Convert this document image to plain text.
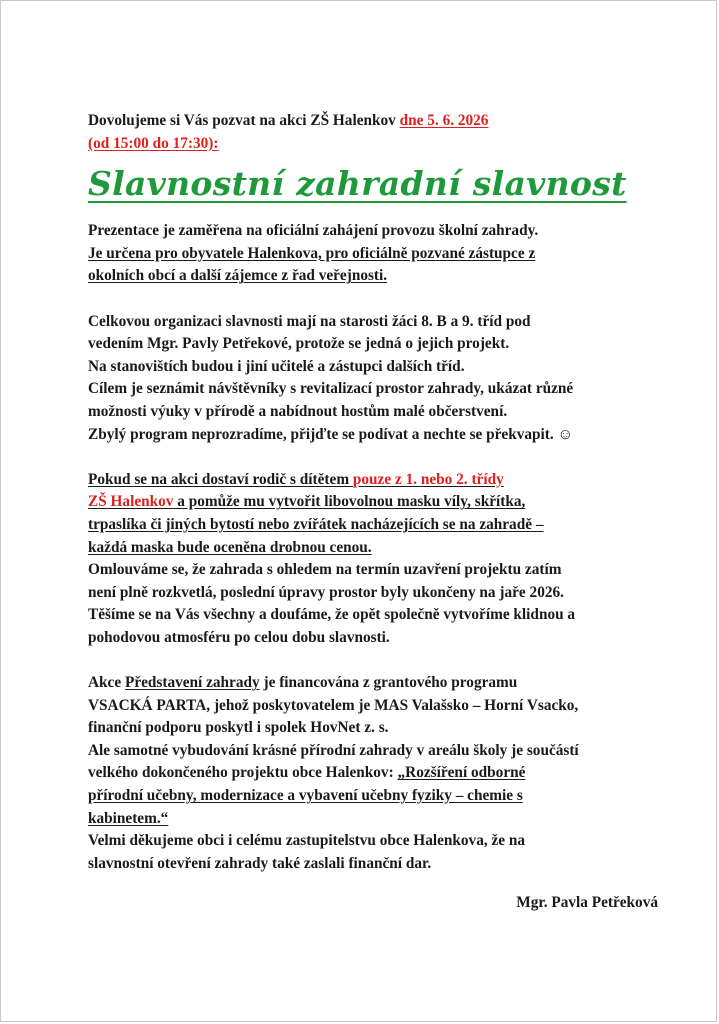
Dovolujeme si Vás pozvat na akci ZŠ Halenkov dne 5. 6. 2026
(od 15:00 do 17:30):
Slavnostní zahradní slavnost
Prezentace je zaměřena na oficiální zahájení provozu školní zahrady.
Je určena pro obyvatele Halenkova, pro oficiálně pozvané zástupce z
okolních obcí a další zájemce z řad veřejnosti.
Celkovou organizaci slavnosti mají na starosti žáci 8. B a 9. tříd pod
vedením Mgr. Pavly Petřekové, protože se jedná o jejich projekt.
Na stanovištích budou i jiní učitelé a zástupci dalších tříd.
Cílem je seznámit návštěvníky s revitalizací prostor zahrady, ukázat různé
možnosti výuky v přírodě a nabídnout hostům malé občerstvení.
Zbylý program neprozradíme, přijďte se podívat a nechte se překvapit. ☺
Pokud se na akci dostaví rodič s dítětem pouze z 1. nebo 2. třídy
ZŠ Halenkov a pomůže mu vytvořit libovolnou masku víly, skřítka,
trpaslíka či jiných bytostí nebo zvířátek nacházejících se na zahradě –
každá maska bude oceněna drobnou cenou.
Omlouváme se, že zahrada s ohledem na termín uzavření projektu zatím
není plně rozkvetlá, poslední úpravy prostor byly ukončeny na jaře 2026.
Těšíme se na Vás všechny a doufáme, že opět společně vytvoříme klidnou a
pohodovou atmosféru po celou dobu slavnosti.
Akce Představení zahrady je financována z grantového programu
VSACKÁ PARTA, jehož poskytovatelem je MAS Valašsko – Horní Vsacko,
finanční podporu poskytl i spolek HovNet z. s.
Ale samotné vybudování krásné přírodní zahrady v areálu školy je součástí
velkého dokončeného projektu obce Halenkov: „Rozšíření odborné
přírodní učebny, modernizace a vybavení učebny fyziky – chemie s
kabinetem.“
Velmi děkujeme obci i celému zastupitelstvu obce Halenkova, že na
slavnostní otevření zahrady také zaslali finanční dar.
Mgr. Pavla Petřeková
